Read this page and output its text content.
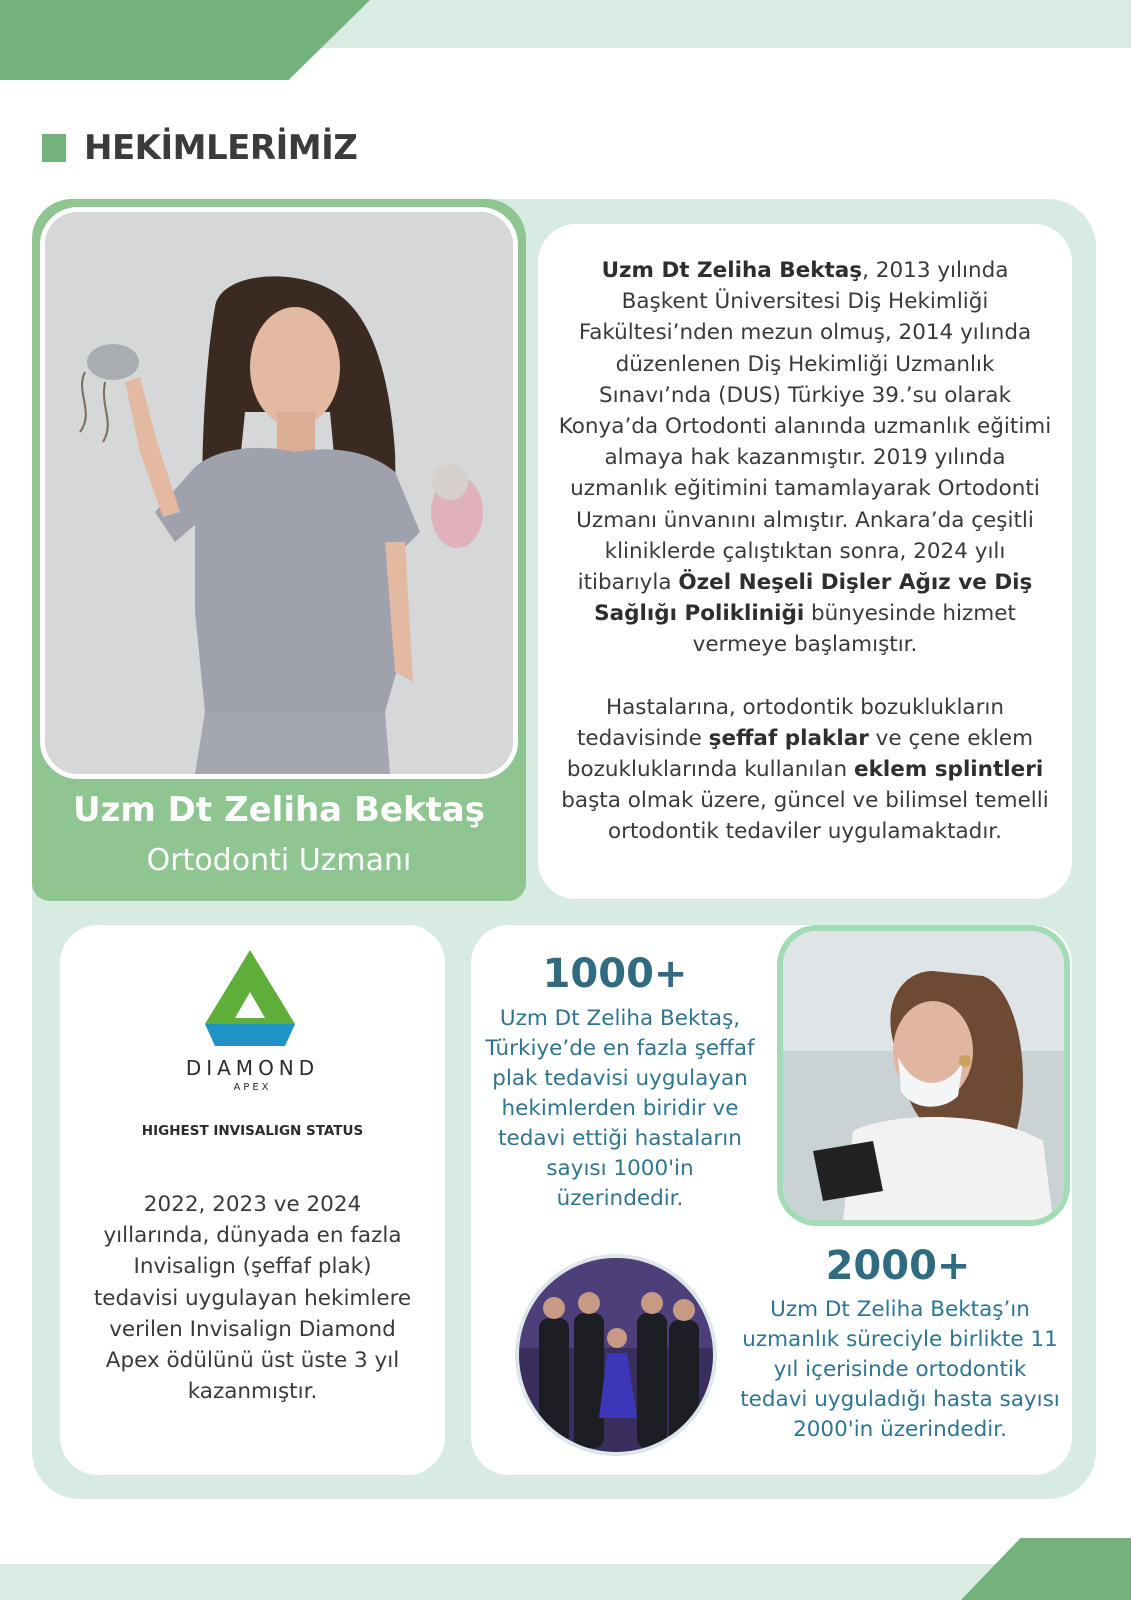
HEKİMLERİMİZ
Uzm Dt Zeliha Bektaş
Ortodonti Uzmanı

Uzm Dt Zeliha Bektaş, 2013 yılında Başkent Üniversitesi Diş Hekimliği Fakültesi’nden mezun olmuş, 2014 yılında düzenlenen Diş Hekimliği Uzmanlık Sınavı’nda (DUS) Türkiye 39.’su olarak Konya’da Ortodonti alanında uzmanlık eğitimi almaya hak kazanmıştır. 2019 yılında uzmanlık eğitimini tamamlayarak Ortodonti Uzmanı ünvanını almıştır. Ankara’da çeşitli kliniklerde çalıştıktan sonra, 2024 yılı itibarıyla Özel Neşeli Dişler Ağız ve Diş Sağlığı Polikliniği bünyesinde hizmet vermeye başlamıştır.

Hastalarına, ortodontik bozuklukların tedavisinde şeffaf plaklar ve çene eklem bozukluklarında kullanılan eklem splintleri başta olmak üzere, güncel ve bilimsel temelli ortodontik tedaviler uygulamaktadır.

DIAMOND
APEX
HIGHEST INVISALIGN STATUS
2022, 2023 ve 2024 yıllarında, dünyada en fazla Invisalign (şeffaf plak) tedavisi uygulayan hekimlere verilen Invisalign Diamond Apex ödülünü üst üste 3 yıl kazanmıştır.
1000+
Uzm Dt Zeliha Bektaş, Türkiye’de en fazla şeffaf plak tedavisi uygulayan hekimlerden biridir ve tedavi ettiği hastaların sayısı 1000'in üzerindedir.
2000+
Uzm Dt Zeliha Bektaş’ın uzmanlık süreciyle birlikte 11 yıl içerisinde ortodontik tedavi uyguladığı hasta sayısı 2000'in üzerindedir.
